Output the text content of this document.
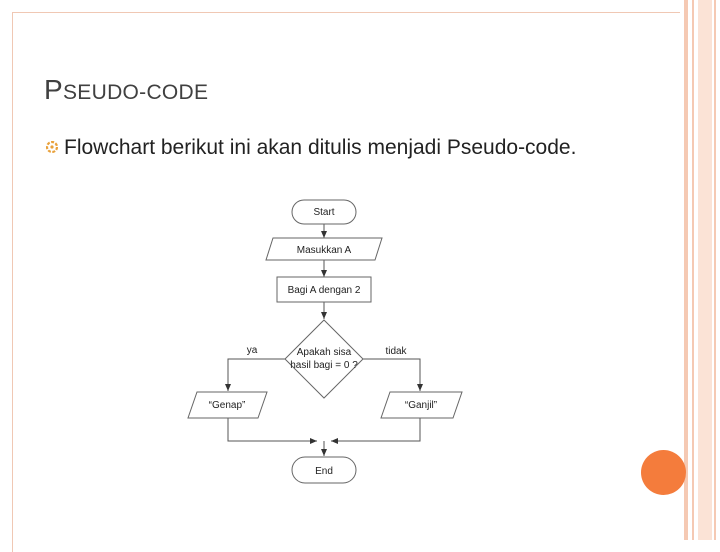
PSEUDO-CODE
Flowchart berikut ini akan ditulis menjadi Pseudo-code.
Start
Masukkan A
Bagi A dengan 2
Apakah sisa
hasil bagi = 0 ?
ya	tidak
“Genap”	“Ganjil”
End
